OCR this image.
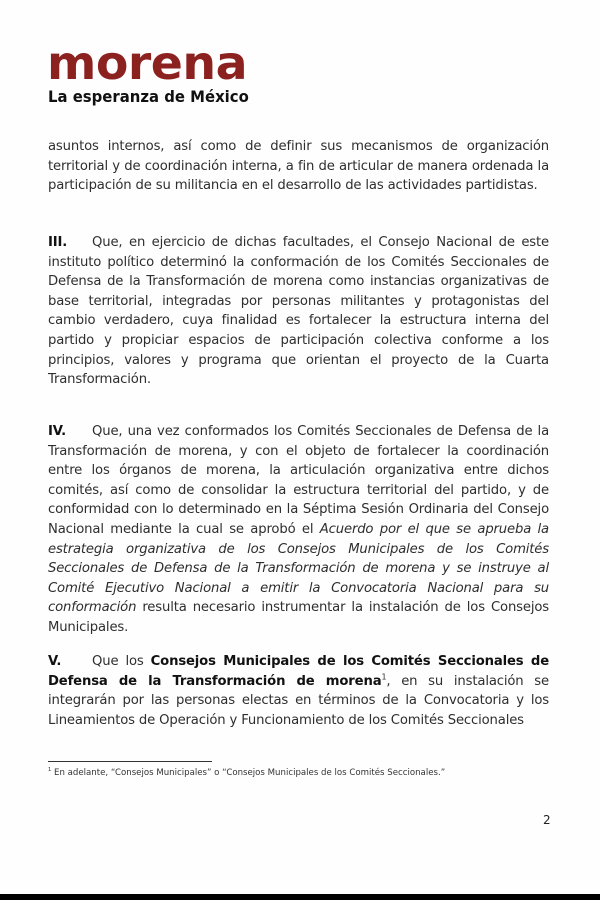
morena
La esperanza de México
asuntos internos, así como de definir sus mecanismos de organización territorial y de coordinación interna, a fin de articular de manera ordenada la participación de su militancia en el desarrollo de las actividades partidistas.
III. Que, en ejercicio de dichas facultades, el Consejo Nacional de este instituto político determinó la conformación de los Comités Seccionales de Defensa de la Transformación de morena como instancias organizativas de base territorial, integradas por personas militantes y protagonistas del cambio verdadero, cuya finalidad es fortalecer la estructura interna del partido y propiciar espacios de participación colectiva conforme a los principios, valores y programa que orientan el proyecto de la Cuarta Transformación.
IV. Que, una vez conformados los Comités Seccionales de Defensa de la Transformación de morena, y con el objeto de fortalecer la coordinación entre los órganos de morena, la articulación organizativa entre dichos comités, así como de consolidar la estructura territorial del partido, y de conformidad con lo determinado en la Séptima Sesión Ordinaria del Consejo Nacional mediante la cual se aprobó el Acuerdo por el que se aprueba la estrategia organizativa de los Consejos Municipales de los Comités Seccionales de Defensa de la Transformación de morena y se instruye al Comité Ejecutivo Nacional a emitir la Convocatoria Nacional para su conformación resulta necesario instrumentar la instalación de los Consejos Municipales.
V. Que los Consejos Municipales de los Comités Seccionales de Defensa de la Transformación de morena$^1$, en su instalación se integrarán por las personas electas en términos de la Convocatoria y los Lineamientos de Operación y Funcionamiento de los Comités Seccionales
$^1$ En adelante, “Consejos Municipales” o “Consejos Municipales de los Comités Seccionales.”
2
